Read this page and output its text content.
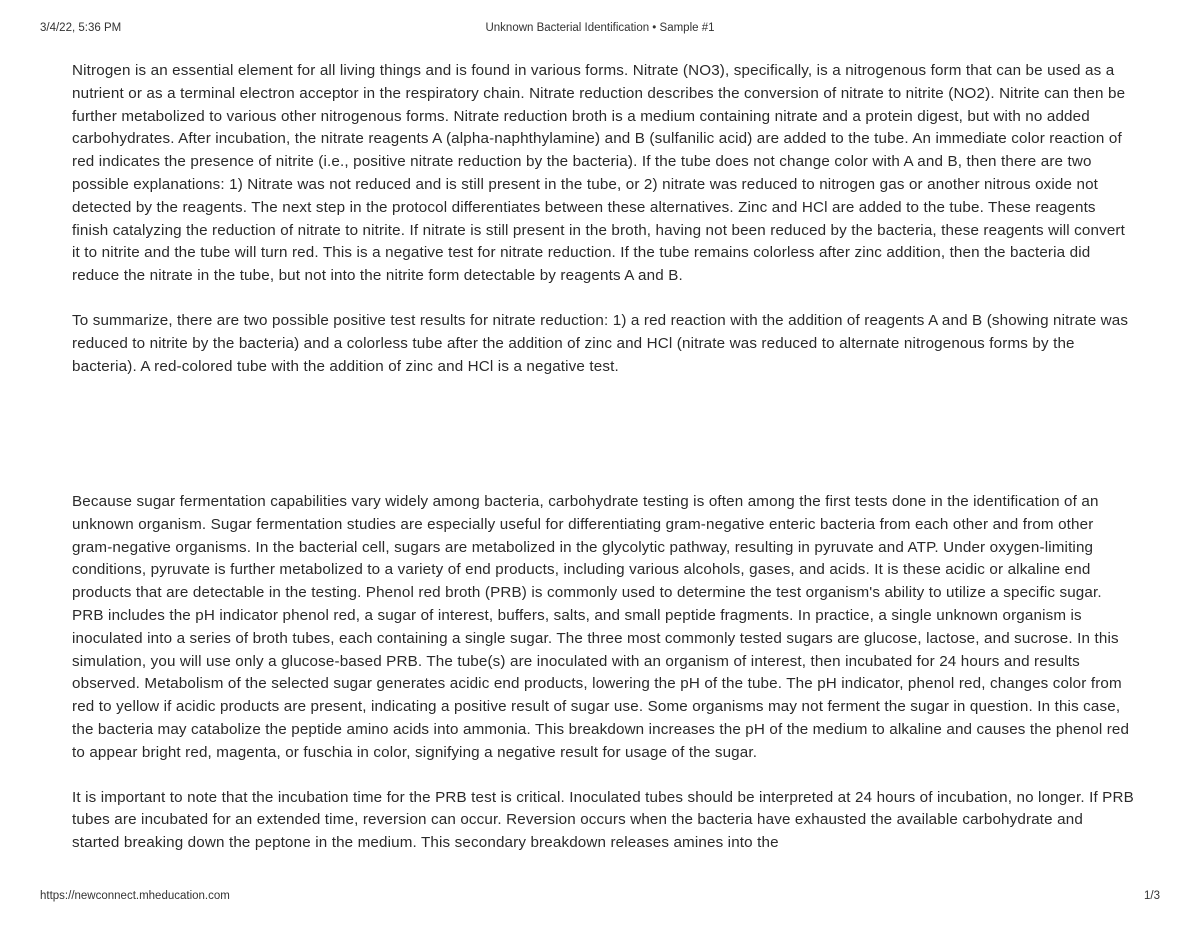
3/4/22, 5:36 PM	Unknown Bacterial Identification • Sample #1

Nitrogen is an essential element for all living things and is found in various forms. Nitrate (NO3), specifically, is a nitrogenous form that can be used as a nutrient or as a terminal electron acceptor in the respiratory chain. Nitrate reduction describes the conversion of nitrate to nitrite (NO2). Nitrite can then be further metabolized to various other nitrogenous forms. Nitrate reduction broth is a medium containing nitrate and a protein digest, but with no added carbohydrates. After incubation, the nitrate reagents A (alpha-naphthylamine) and B (sulfanilic acid) are added to the tube. An immediate color reaction of red indicates the presence of nitrite (i.e., positive nitrate reduction by the bacteria). If the tube does not change color with A and B, then there are two possible explanations: 1) Nitrate was not reduced and is still present in the tube, or 2) nitrate was reduced to nitrogen gas or another nitrous oxide not detected by the reagents. The next step in the protocol differentiates between these alternatives. Zinc and HCl are added to the tube. These reagents finish catalyzing the reduction of nitrate to nitrite. If nitrate is still present in the broth, having not been reduced by the bacteria, these reagents will convert it to nitrite and the tube will turn red. This is a negative test for nitrate reduction. If the tube remains colorless after zinc addition, then the bacteria did reduce the nitrate in the tube, but not into the nitrite form detectable by reagents A and B.

To summarize, there are two possible positive test results for nitrate reduction: 1) a red reaction with the addition of reagents A and B (showing nitrate was reduced to nitrite by the bacteria) and a colorless tube after the addition of zinc and HCl (nitrate was reduced to alternate nitrogenous forms by the bacteria). A red-colored tube with the addition of zinc and HCl is a negative test.

Because sugar fermentation capabilities vary widely among bacteria, carbohydrate testing is often among the first tests done in the identification of an unknown organism. Sugar fermentation studies are especially useful for differentiating gram-negative enteric bacteria from each other and from other gram-negative organisms. In the bacterial cell, sugars are metabolized in the glycolytic pathway, resulting in pyruvate and ATP. Under oxygen-limiting conditions, pyruvate is further metabolized to a variety of end products, including various alcohols, gases, and acids. It is these acidic or alkaline end products that are detectable in the testing. Phenol red broth (PRB) is commonly used to determine the test organism's ability to utilize a specific sugar. PRB includes the pH indicator phenol red, a sugar of interest, buffers, salts, and small peptide fragments. In practice, a single unknown organism is inoculated into a series of broth tubes, each containing a single sugar. The three most commonly tested sugars are glucose, lactose, and sucrose. In this simulation, you will use only a glucose-based PRB. The tube(s) are inoculated with an organism of interest, then incubated for 24 hours and results observed. Metabolism of the selected sugar generates acidic end products, lowering the pH of the tube. The pH indicator, phenol red, changes color from red to yellow if acidic products are present, indicating a positive result of sugar use. Some organisms may not ferment the sugar in question. In this case, the bacteria may catabolize the peptide amino acids into ammonia. This breakdown increases the pH of the medium to alkaline and causes the phenol red to appear bright red, magenta, or fuschia in color, signifying a negative result for usage of the sugar.

It is important to note that the incubation time for the PRB test is critical. Inoculated tubes should be interpreted at 24 hours of incubation, no longer. If PRB tubes are incubated for an extended time, reversion can occur. Reversion occurs when the bacteria have exhausted the available carbohydrate and started breaking down the peptone in the medium. This secondary breakdown releases amines into the

https://newconnect.mheducation.com	1/3
